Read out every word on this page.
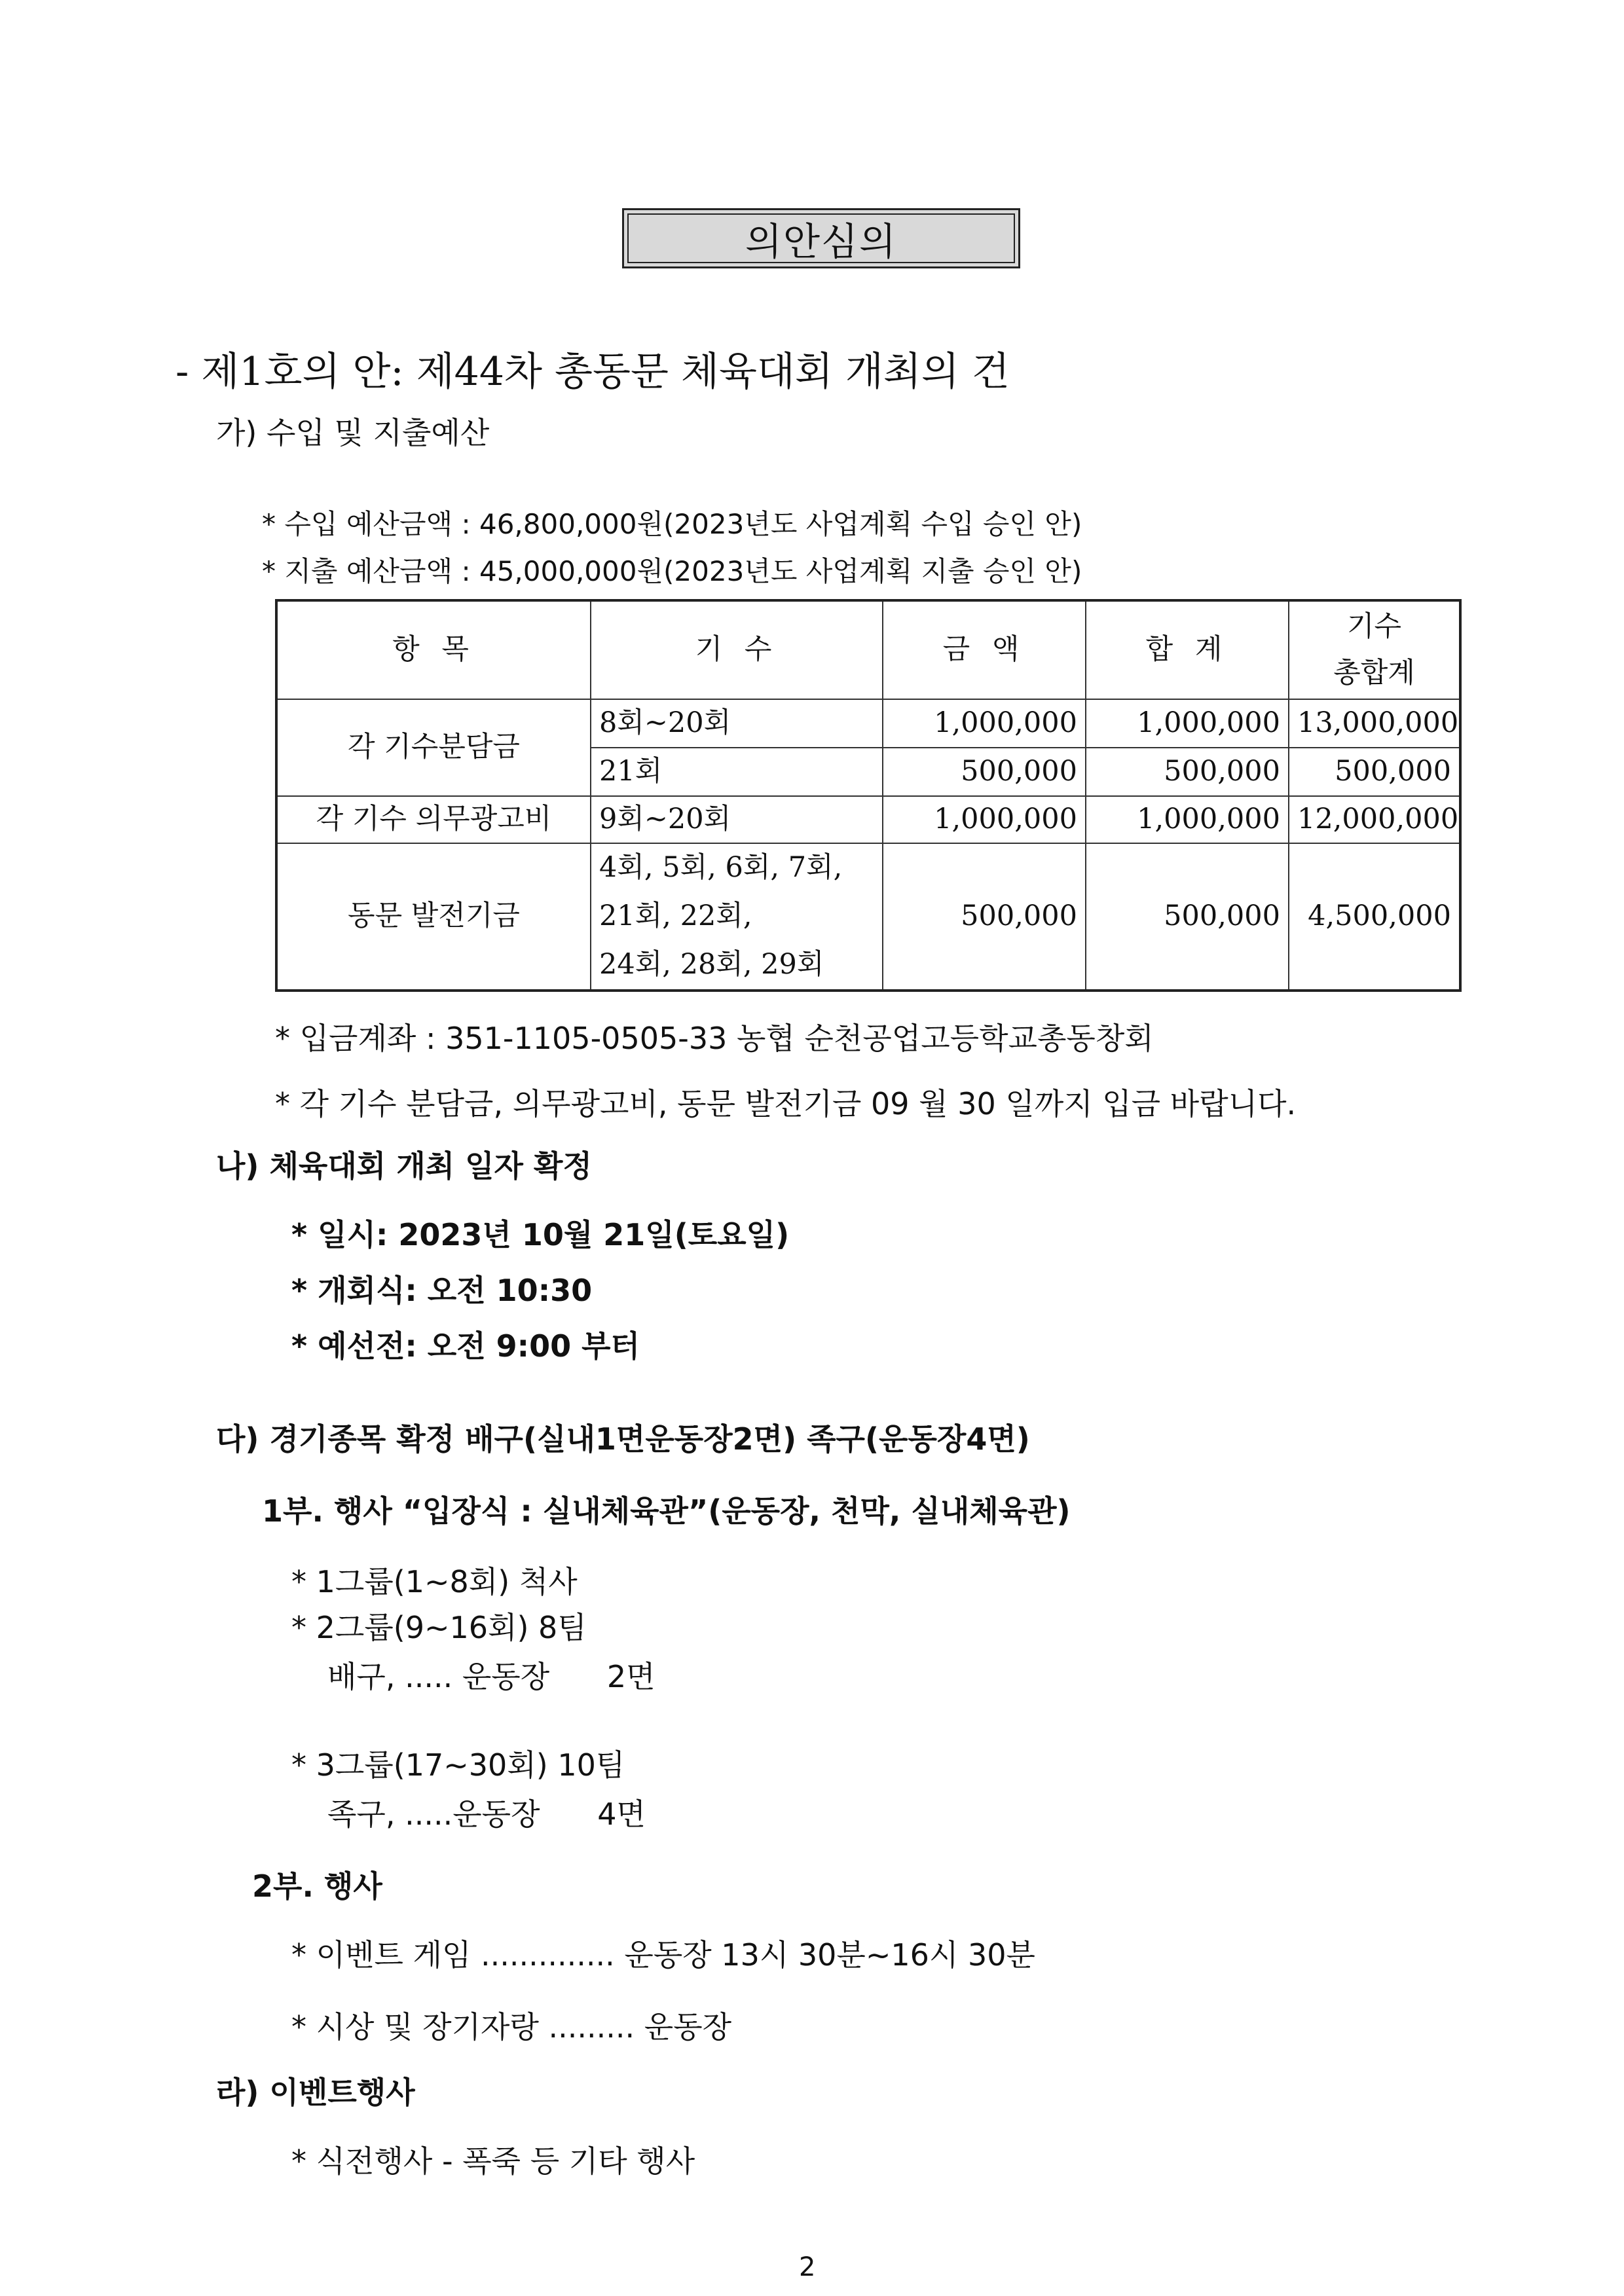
의안심의
- 제1호의 안: 제44차 총동문 체육대회 개최의 건
가) 수입 및 지출예산
* 수입 예산금액 : 46,800,000원(2023년도 사업계획 수입 승인 안)
* 지출 예산금액 : 45,000,000원(2023년도 사업계획 지출 승인 안)
항 목	기 수	금 액	합 계	기수
총합계

각 기수분담금	8회~20회	1,000,000	1,000,000	13,000,000
	21회	500,000	500,000	500,000
각 기수 의무광고비	9회~20회	1,000,000	1,000,000	12,000,000
동문 발전기금	4회, 5회, 6회, 7회,
21회, 22회,
24회, 28회, 29회	500,000	500,000	4,500,000
* 입금계좌 : 351-1105-0505-33 농협 순천공업고등학교총동창회
* 각 기수 분담금, 의무광고비, 동문 발전기금 09 월 30 일까지 입금 바랍니다.
나) 체육대회 개최 일자 확정
* 일시: 2023년 10월 21일(토요일)
* 개회식: 오전 10:30
* 예선전: 오전 9:00 부터
다) 경기종목 확정 배구(실내1면운동장2면) 족구(운동장4면)
1부. 행사 “입장식 : 실내체육관”(운동장, 천막, 실내체육관)
* 1그룹(1~8회) 척사
* 2그룹(9~16회) 8팀
배구, ..... 운동장      2면
* 3그룹(17~30회) 10팀
족구, .....운동장      4면
2부. 행사
* 이벤트 게임 .............. 운동장 13시 30분~16시 30분
* 시상 및 장기자랑 ......... 운동장
라) 이벤트행사
* 식전행사 - 폭죽 등 기타 행사
2
